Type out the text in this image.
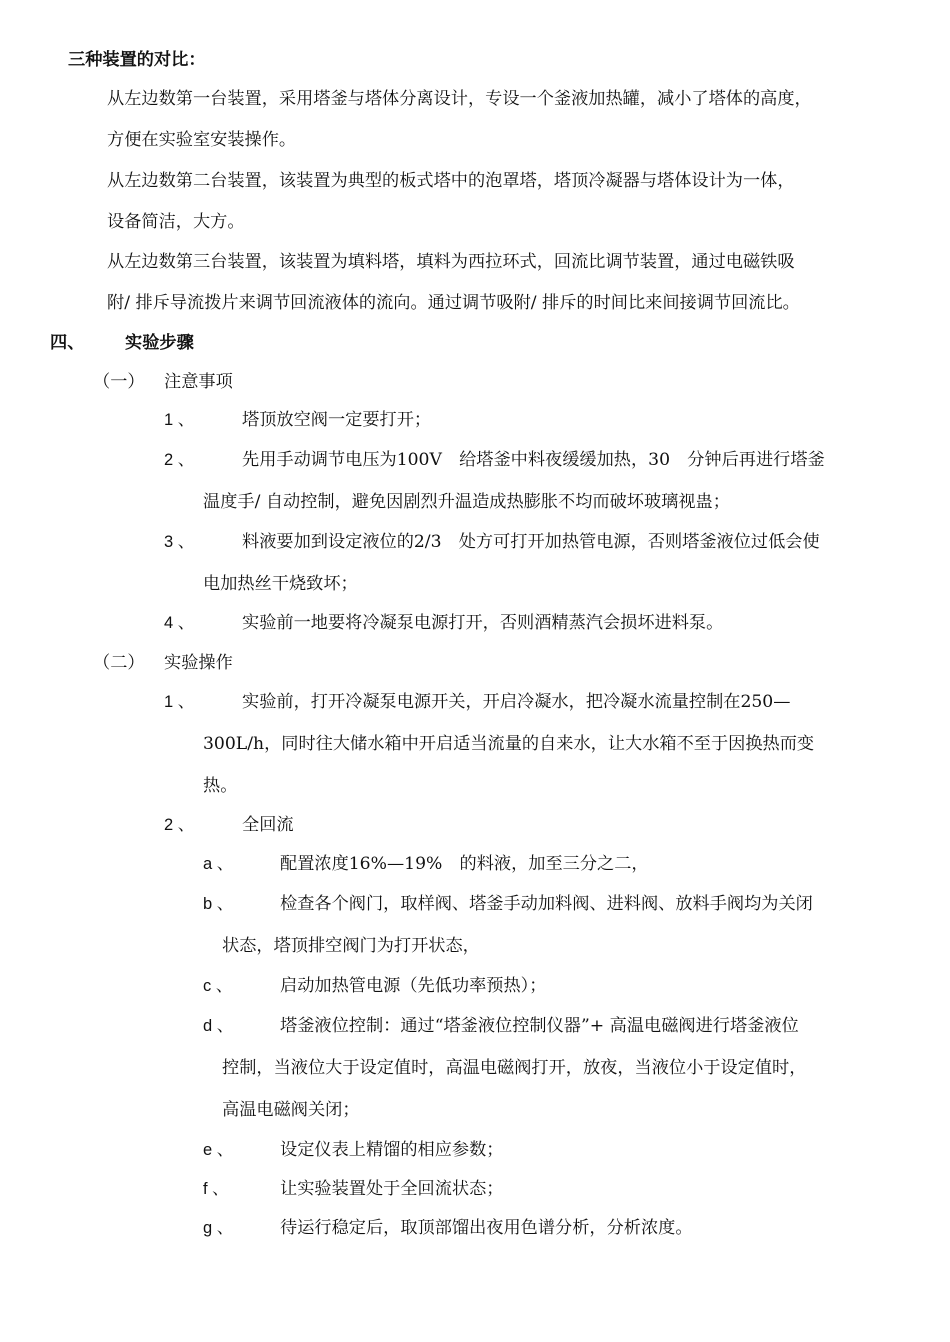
三种装置的对比：
从左边数第一台装置，采用塔釜与塔体分离设计，专设一个釜液加热罐，减小了塔体的高度，
方便在实验室安装操作。
从左边数第二台装置，该装置为典型的板式塔中的泡罩塔，塔顶冷凝器与塔体设计为一体，
设备简洁，大方。
从左边数第三台装置，该装置为填料塔，填料为西拉环式，回流比调节装置，通过电磁铁吸
附/ 排斥导流拨片来调节回流液体的流向。通过调节吸附/ 排斥的时间比来间接调节回流比。
四、 实验步骤
（一） 注意事项
1 、	塔顶放空阀一定要打开；
2 、	先用手动调节电压为100V　给塔釜中料夜缓缓加热，30　分钟后再进行塔釜
温度手/ 自动控制，避免因剧烈升温造成热膨胀不均而破坏玻璃视蛊；
3 、	料液要加到设定液位的2/3　处方可打开加热管电源，否则塔釜液位过低会使
电加热丝干烧致坏；
4 、	实验前一地要将冷凝泵电源打开，否则酒精蒸汽会损坏进料泵。
（二） 实验操作
1 、	实验前，打开冷凝泵电源开关，开启冷凝水，把冷凝水流量控制在250—
300L/h，同时往大储水箱中开启适当流量的自来水，让大水箱不至于因换热而变
热。
2 、	全回流
a 、	配置浓度16%—19%　的料液，加至三分之二，
b 、	检查各个阀门，取样阀、塔釜手动加料阀、进料阀、放料手阀均为关闭
状态，塔顶排空阀门为打开状态，
c 、	启动加热管电源（先低功率预热）；
d 、	塔釜液位控制：通过“塔釜液位控制仪器”+ 高温电磁阀进行塔釜液位
控制，当液位大于设定值时，高温电磁阀打开，放夜，当液位小于设定值时，
高温电磁阀关闭；
e 、	设定仪表上精馏的相应参数；
f 、	让实验装置处于全回流状态；
g 、	待运行稳定后，取顶部馏出夜用色谱分析，分析浓度。
